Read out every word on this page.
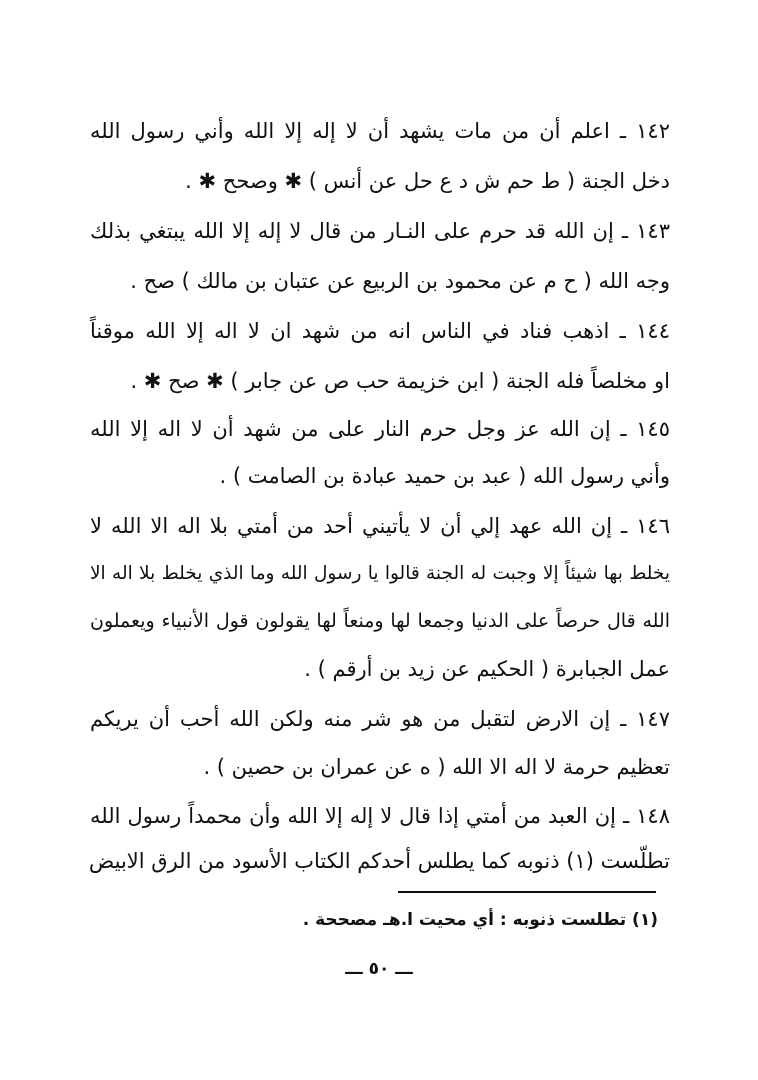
١٤٢ ـ اعلم أن من مات يشهد أن لا إله إلا الله وأني رسول الله
دخل الجنة ( ط حم ش د ع حل عن أنس ) ✱ وصحح ✱ .
١٤٣ ـ إن الله قد حرم على النـار من قال لا إله إلا الله يبتغي بذلك
وجه الله ( ح م عن محمود بن الربيع عن عتبان بن مالك ) صح .
١٤٤ ـ اذهب فناد في الناس انه من شهد ان لا اله إلا الله موقناً
او مخلصاً فله الجنة ( ابن خزيمة حب ص عن جابر ) ✱ صح ✱ .
١٤٥ ـ إن الله عز وجل حرم النار على من شهد أن لا اله إلا الله
وأني رسول الله ( عبد بن حميد عبادة بن الصامت ) .
١٤٦ ـ إن الله عهد إلي أن لا يأتيني أحد من أمتي بلا اله الا الله لا
يخلط بها شيئاً إلا وجبت له الجنة قالوا يا رسول الله وما الذي يخلط بلا اله الا
الله قال حرصاً على الدنيا وجمعا لها ومنعاً لها يقولون قول الأنبياء ويعملون
عمل الجبابرة ( الحكيم عن زيد بن أرقم ) .
١٤٧ ـ إن الارض لتقبل من هو شر منه ولكن الله أحب أن يريكم
تعظيم حرمة لا اله الا الله ( ه عن عمران بن حصين ) .
١٤٨ ـ إن العبد من أمتي إذا قال لا إله إلا الله وأن محمداً رسول الله
تطلّست (١) ذنوبه كما يطلس أحدكم الكتاب الأسود من الرق الابيض
(١) تطلست ذنوبه : أي محيت ا.هـ مصححة .
ـــ ٥٠ ـــ
